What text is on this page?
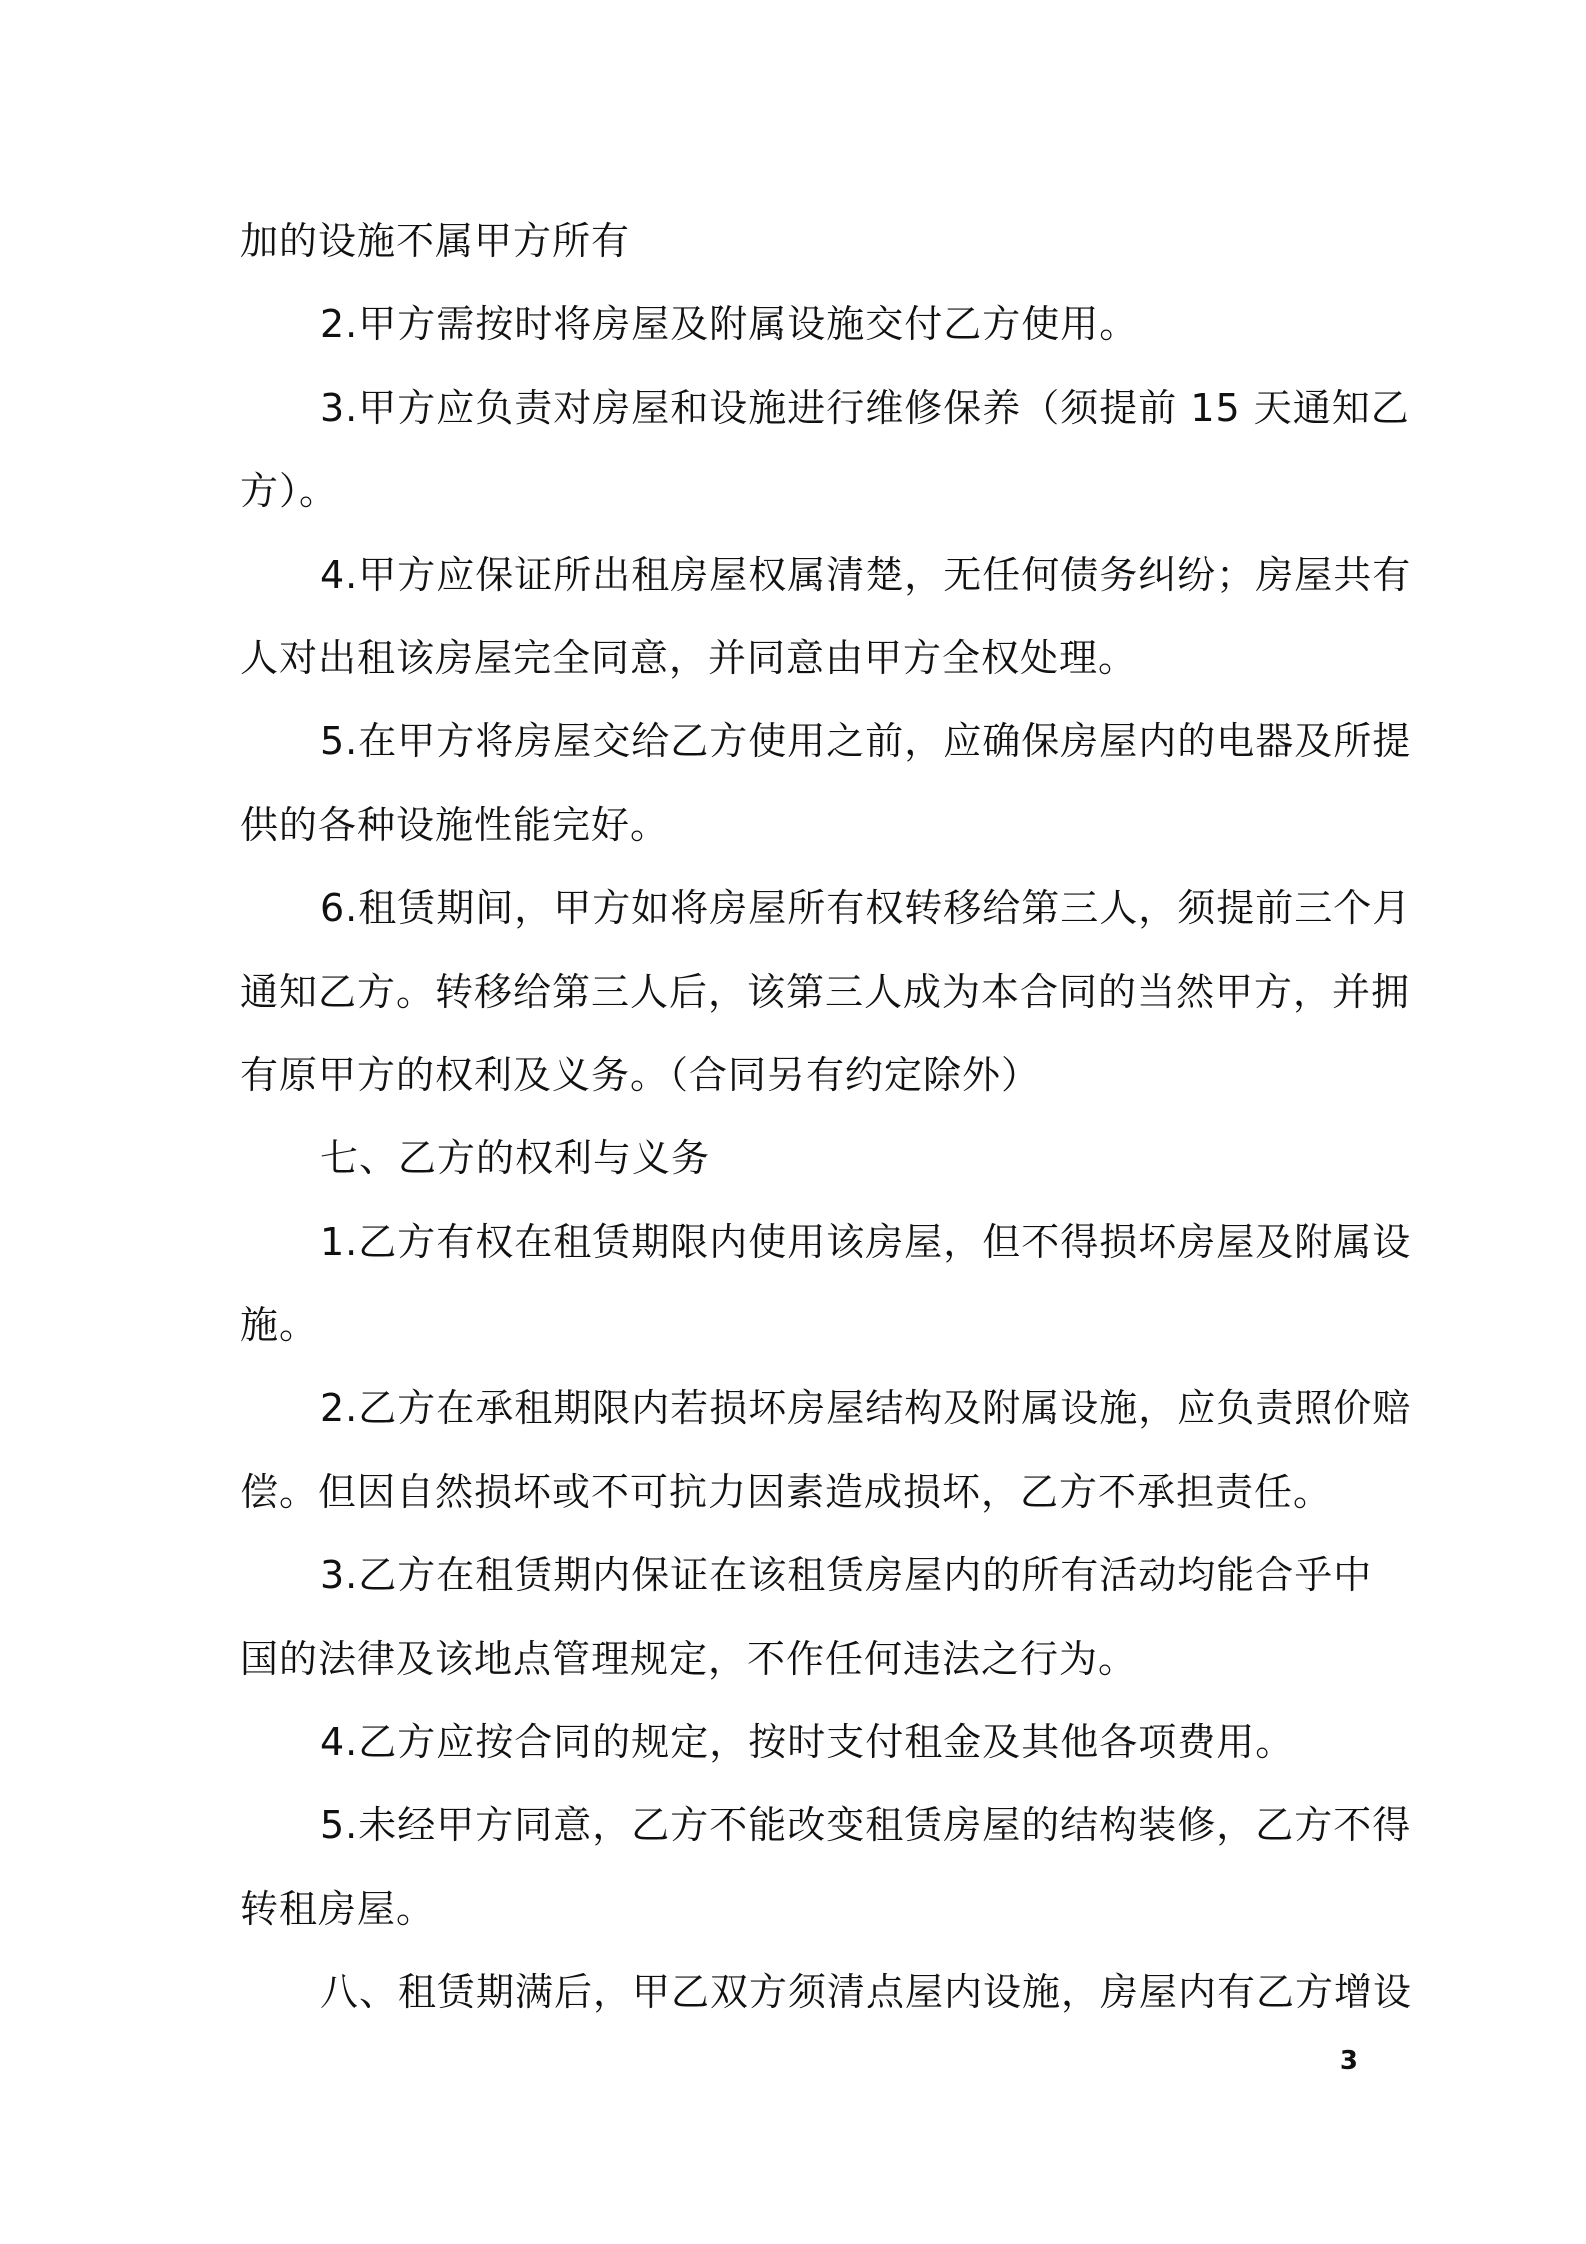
加的设施不属甲方所有
2.甲方需按时将房屋及附属设施交付乙方使用。
3.甲方应负责对房屋和设施进行维修保养（须提前 15 天通知乙
方）。
4.甲方应保证所出租房屋权属清楚，无任何债务纠纷；房屋共有
人对出租该房屋完全同意，并同意由甲方全权处理。
5.在甲方将房屋交给乙方使用之前，应确保房屋内的电器及所提
供的各种设施性能完好。
6.租赁期间，甲方如将房屋所有权转移给第三人，须提前三个月
通知乙方。转移给第三人后，该第三人成为本合同的当然甲方，并拥
有原甲方的权利及义务。（合同另有约定除外）
七、乙方的权利与义务
1.乙方有权在租赁期限内使用该房屋，但不得损坏房屋及附属设
施。
2.乙方在承租期限内若损坏房屋结构及附属设施，应负责照价赔
偿。但因自然损坏或不可抗力因素造成损坏，乙方不承担责任。
3.乙方在租赁期内保证在该租赁房屋内的所有活动均能合乎中
国的法律及该地点管理规定，不作任何违法之行为。
4.乙方应按合同的规定，按时支付租金及其他各项费用。
5.未经甲方同意，乙方不能改变租赁房屋的结构装修，乙方不得
转租房屋。
八、租赁期满后，甲乙双方须清点屋内设施，房屋内有乙方增设
3
